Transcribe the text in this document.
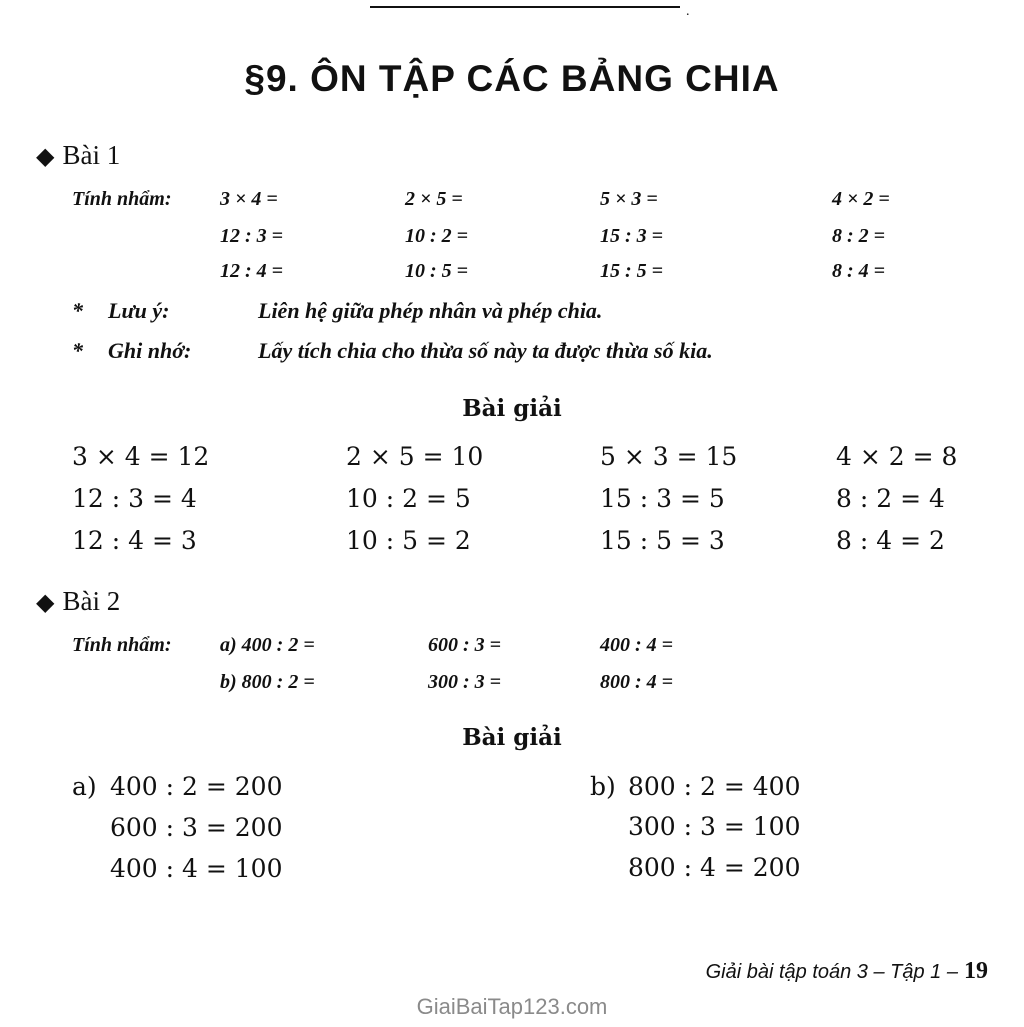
.
§9. ÔN TẬP CÁC BẢNG CHIA
◆ Bài 1
Tính nhẩm: 3 × 4 =	2 × 5 =	5 × 3 =	4 × 2 =
12 : 3 =	10 : 2 =	15 : 3 =	8 : 2 =
12 : 4 =	10 : 5 =	15 : 5 =	8 : 4 =
* Lưu ý:	Liên hệ giữa phép nhân và phép chia.
* Ghi nhớ:	Lấy tích chia cho thừa số này ta được thừa số kia.
Bài giải
3 × 4 = 12	2 × 5 = 10	5 × 3 = 15	4 × 2 = 8
12 : 3 = 4	10 : 2 = 5	15 : 3 = 5	8 : 2 = 4
12 : 4 = 3	10 : 5 = 2	15 : 5 = 3	8 : 4 = 2
◆ Bài 2
Tính nhẩm: a) 400 : 2 =	600 : 3 =	400 : 4 =
b) 800 : 2 =	300 : 3 =	800 : 4 =
Bài giải
a) 400 : 2 = 200
600 : 3 = 200
400 : 4 = 100
b) 800 : 2 = 400
300 : 3 = 100
800 : 4 = 200
Giải bài tập toán 3 – Tập 1 – 19
GiaiBaiTap123.com
